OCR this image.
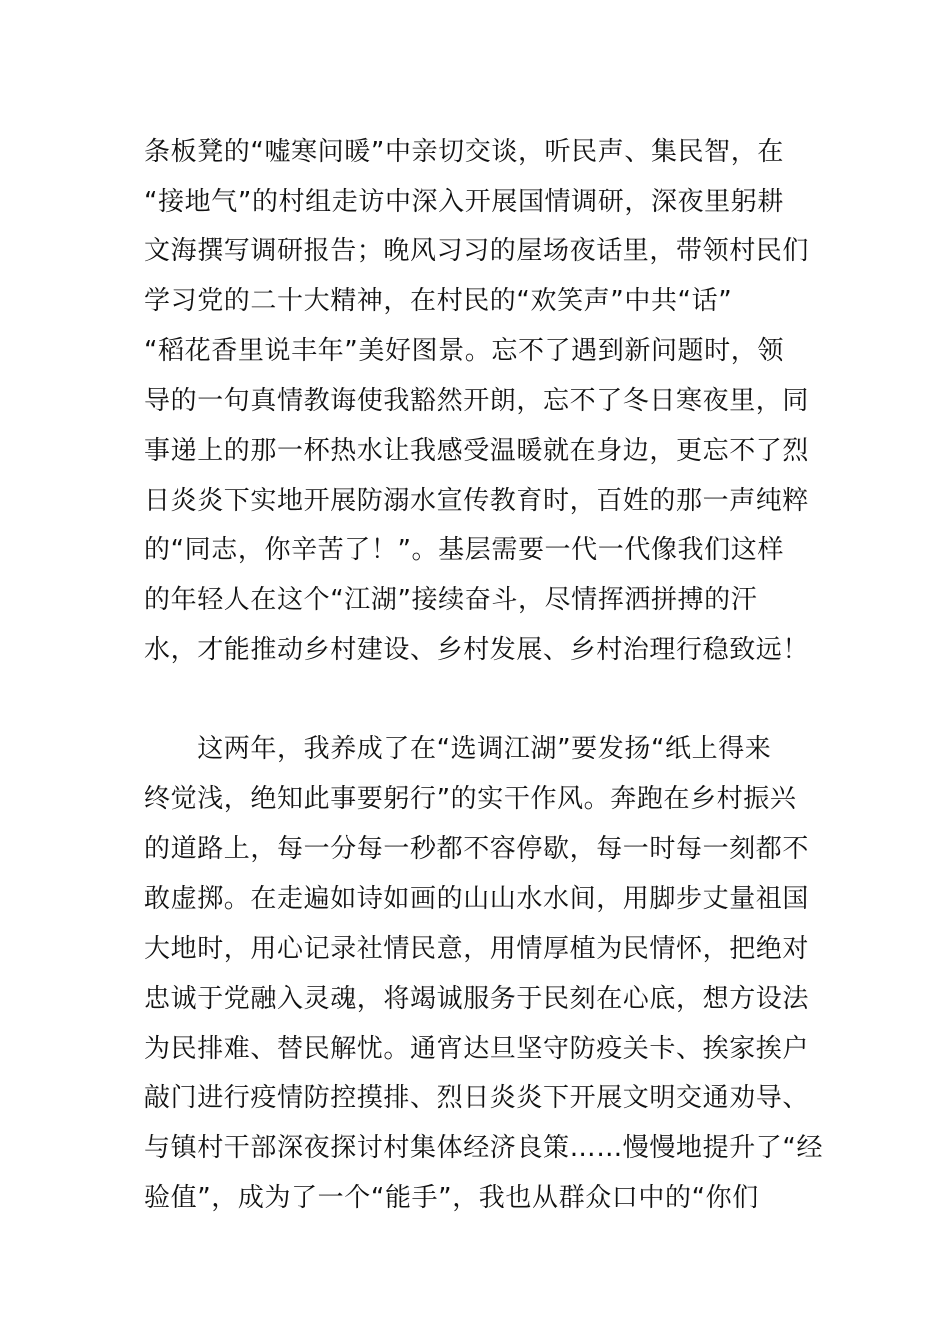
条板凳的“嘘寒问暖”中亲切交谈，听民声、集民智，在
“接地气”的村组走访中深入开展国情调研，深夜里躬耕
文海撰写调研报告；晚风习习的屋场夜话里，带领村民们
学习党的二十大精神，在村民的“欢笑声”中共“话”
“稻花香里说丰年”美好图景。忘不了遇到新问题时，领
导的一句真情教诲使我豁然开朗，忘不了冬日寒夜里，同
事递上的那一杯热水让我感受温暖就在身边，更忘不了烈
日炎炎下实地开展防溺水宣传教育时，百姓的那一声纯粹
的“同志，你辛苦了！”。基层需要一代一代像我们这样
的年轻人在这个“江湖”接续奋斗，尽情挥洒拼搏的汗
水，才能推动乡村建设、乡村发展、乡村治理行稳致远！
　　这两年，我养成了在“选调江湖”要发扬“纸上得来
终觉浅，绝知此事要躬行”的实干作风。奔跑在乡村振兴
的道路上，每一分每一秒都不容停歇，每一时每一刻都不
敢虚掷。在走遍如诗如画的山山水水间，用脚步丈量祖国
大地时，用心记录社情民意，用情厚植为民情怀，把绝对
忠诚于党融入灵魂，将竭诚服务于民刻在心底，想方设法
为民排难、替民解忧。通宵达旦坚守防疫关卡、挨家挨户
敲门进行疫情防控摸排、烈日炎炎下开展文明交通劝导、
与镇村干部深夜探讨村集体经济良策……慢慢地提升了“经
验值”，成为了一个“能手”，我也从群众口中的“你们
